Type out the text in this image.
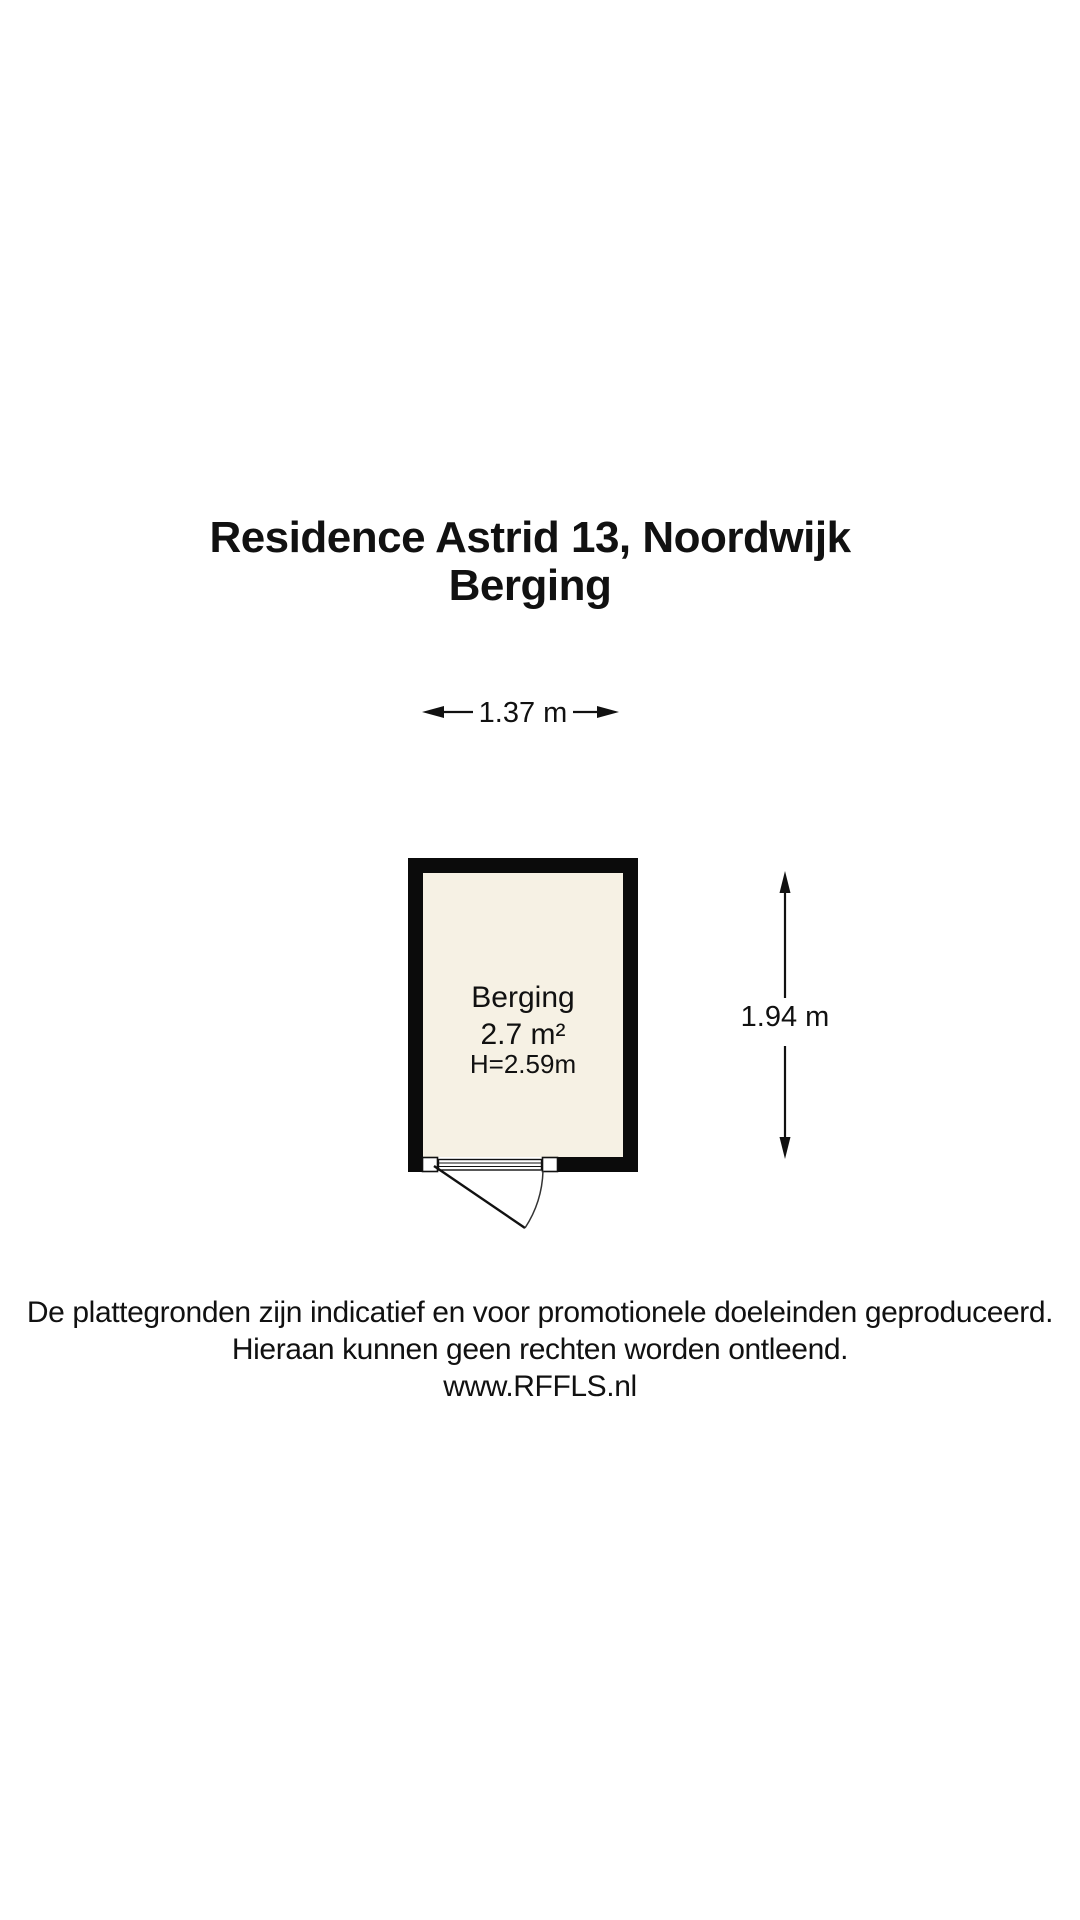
Residence Astrid 13, Noordwijk
Berging
1.37 m
Berging
2.7 m²
H=2.59m
1.94 m
De plattegronden zijn indicatief en voor promotionele doeleinden geproduceerd.
Hieraan kunnen geen rechten worden ontleend.
www.RFFLS.nl
